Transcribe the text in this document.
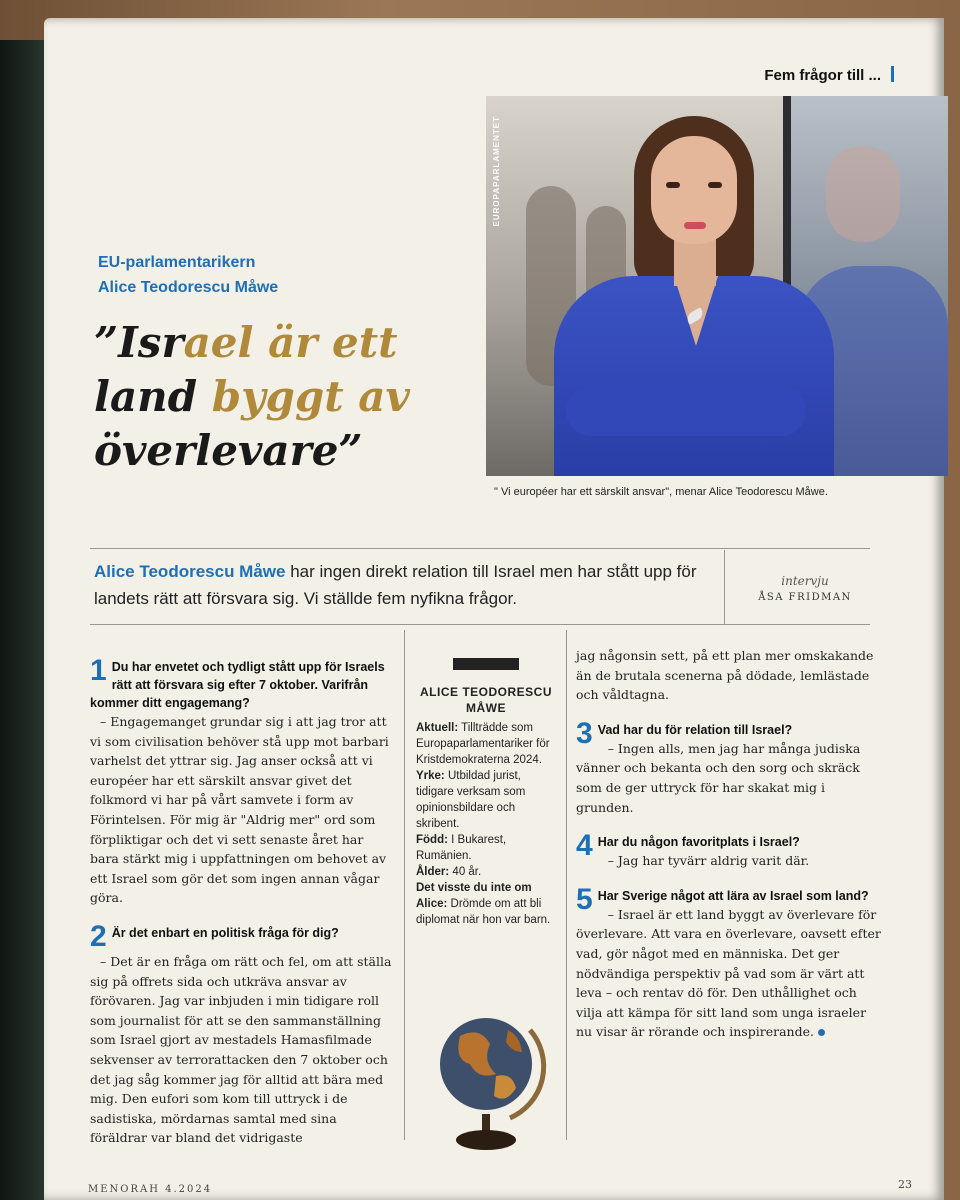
Fem frågor till ...
EUROPAPARLAMENTET
" Vi européer har ett särskilt ansvar", menar Alice Teodorescu Måwe.
EU-parlamentarikern
Alice Teodorescu Måwe
”Israel är ett
land byggt av
överlevare”
Alice Teodorescu Måwe har ingen direkt relation till Israel men har stått upp för landets rätt att försvara sig. Vi ställde fem nyfikna frågor.
intervju
ÅSA FRIDMAN
1 Du har envetet och tydligt stått upp för Israels rätt att försvara sig efter 7 oktober. Varifrån kommer ditt engagemang?
– Engagemanget grundar sig i att jag tror att vi som civilisation behöver stå upp mot barbari varhelst det yttrar sig. Jag anser också att vi européer har ett särskilt ansvar givet det folkmord vi har på vårt samvete i form av Förintelsen. För mig är "Aldrig mer" ord som förpliktigar och det vi sett senaste året har bara stärkt mig i uppfattningen om behovet av ett Israel som gör det som ingen annan vågar göra.
2 Är det enbart en politisk fråga för dig?
– Det är en fråga om rätt och fel, om att ställa sig på offrets sida och utkräva ansvar av förövaren. Jag var inbjuden i min tidigare roll som journalist för att se den sammanställning som Israel gjort av mestadels Hamasfilmade sekvenser av terrorattacken den 7 oktober och det jag såg kommer jag för alltid att bära med mig. Den eufori som kom till uttryck i de sadistiska, mördarnas samtal med sina föräldrar var bland det vidrigaste
ALICE TEODORESCU MÅWE
Aktuell: Tillträdde som Europaparlamentariker för Kristdemokraterna 2024.
Yrke: Utbildad jurist, tidigare verksam som opinionsbildare och skribent.
Född: I Bukarest, Rumänien.
Ålder: 40 år.
Det visste du inte om Alice: Drömde om att bli diplomat när hon var barn.
jag någonsin sett, på ett plan mer omskakande än de brutala scenerna på dödade, lemlästade och våldtagna.
3 Vad har du för relation till Israel?
– Ingen alls, men jag har många judiska vänner och bekanta och den sorg och skräck som de ger uttryck för har skakat mig i grunden.
4 Har du någon favoritplats i Israel?
– Jag har tyvärr aldrig varit där.
5 Har Sverige något att lära av Israel som land?
– Israel är ett land byggt av överlevare för överlevare. Att vara en överlevare, oavsett efter vad, gör något med en människa. Det ger nödvändiga perspektiv på vad som är värt att leva – och rentav dö för. Den uthållighet och vilja att kämpa för sitt land som unga israeler nu visar är rörande och inspirerande.
MENORAH 4.2024	23
